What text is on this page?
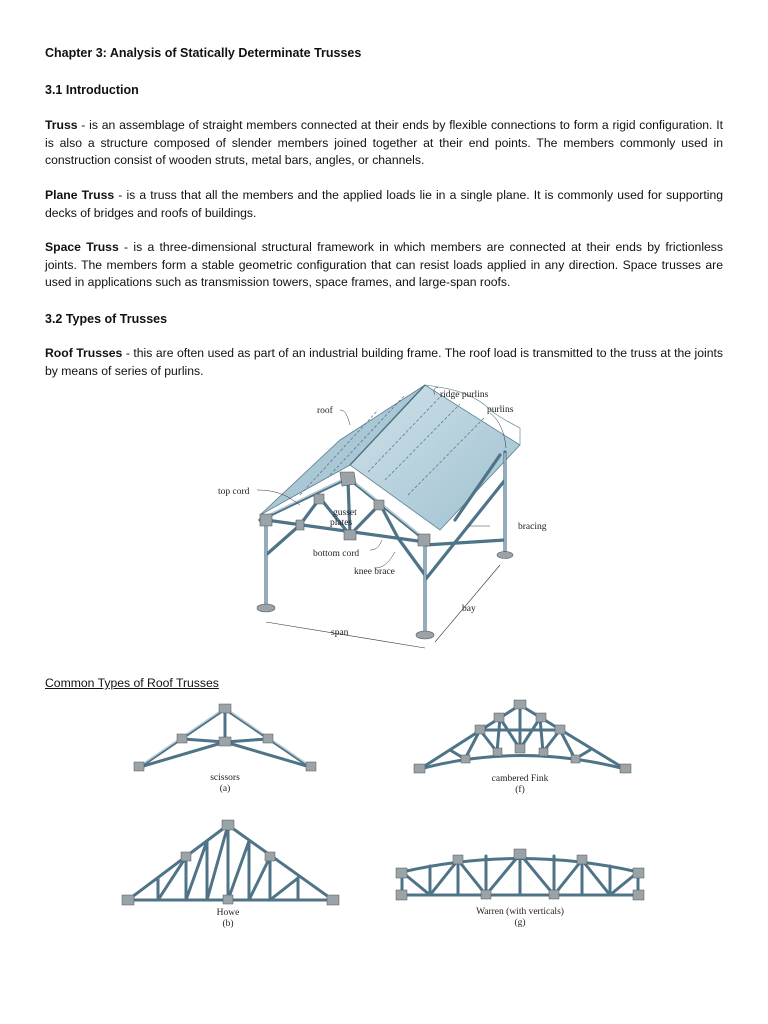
Chapter 3: Analysis of Statically Determinate Trusses
3.1 Introduction

Truss - is an assemblage of straight members connected at their ends by flexible connections to form a rigid configuration. It is also a structure composed of slender members joined together at their end points. The members commonly used in construction consist of wooden struts, metal bars, angles, or channels.

Plane Truss - is a truss that all the members and the applied loads lie in a single plane. It is commonly used for supporting decks of bridges and roofs of buildings.

Space Truss - is a three-dimensional structural framework in which members are connected at their ends by frictionless joints. The members form a stable geometric configuration that can resist loads applied in any direction. Space trusses are used in applications such as transmission towers, space frames, and large-span roofs.

3.2 Types of Trusses

Roof Trusses - this are often used as part of an industrial building frame. The roof load is transmitted to the truss at the joints by means of series of purlins.

roof
ridge purlins
purlins
top cord
gusset
plates	bracing
bottom cord
knee brace
bay
span
Common Types of Roof Trusses
scissors
(a)
cambered Fink
(f)
Howe
(b)
Warren (with verticals)
(g)
